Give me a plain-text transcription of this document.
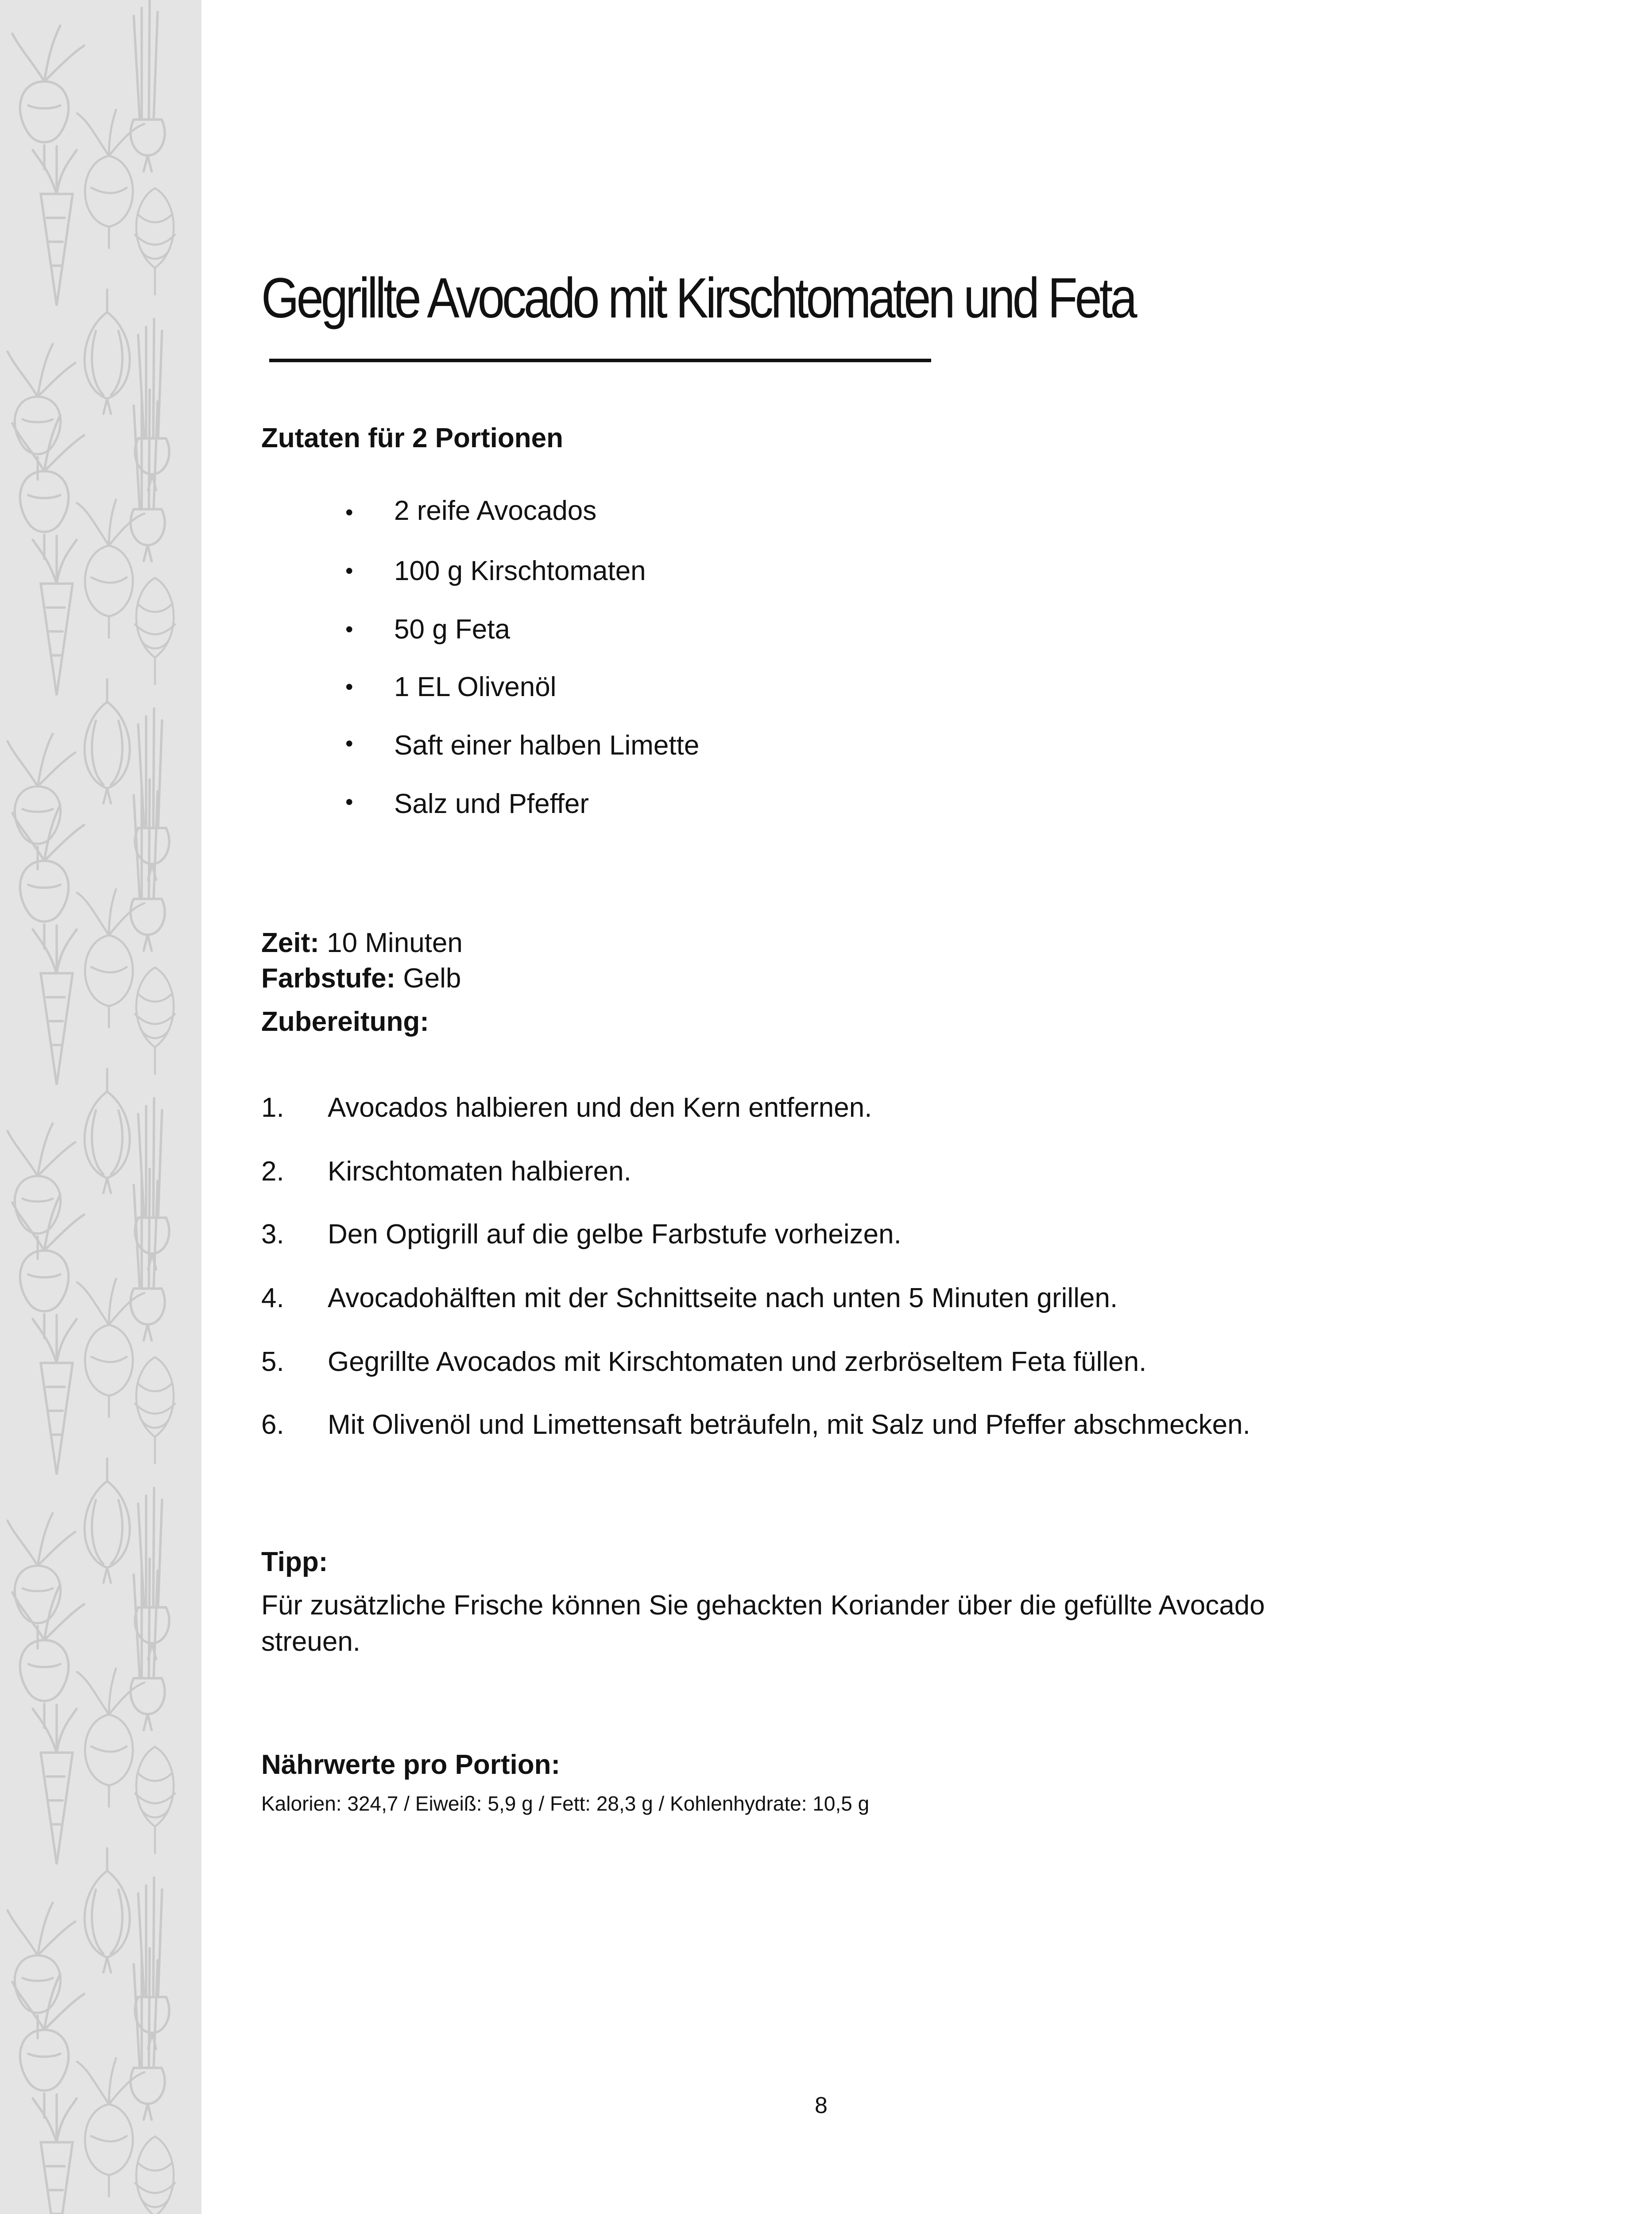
Gegrillte Avocado mit Kirschtomaten und Feta
Zutaten für 2 Portionen
• 2 reife Avocados
• 100 g Kirschtomaten
• 50 g Feta
• 1 EL Olivenöl
• Saft einer halben Limette
• Salz und Pfeffer
Zeit: 10 Minuten
Farbstufe: Gelb
Zubereitung:
1. Avocados halbieren und den Kern entfernen.
2. Kirschtomaten halbieren.
3. Den Optigrill auf die gelbe Farbstufe vorheizen.
4. Avocadohälften mit der Schnittseite nach unten 5 Minuten grillen.
5. Gegrillte Avocados mit Kirschtomaten und zerbröseltem Feta füllen.
6. Mit Olivenöl und Limettensaft beträufeln, mit Salz und Pfeffer abschmecken.
Tipp:
Für zusätzliche Frische können Sie gehackten Koriander über die gefüllte Avocado
streuen.
Nährwerte pro Portion:
Kalorien: 324,7 / Eiweiß: 5,9 g / Fett: 28,3 g / Kohlenhydrate: 10,5 g
8
